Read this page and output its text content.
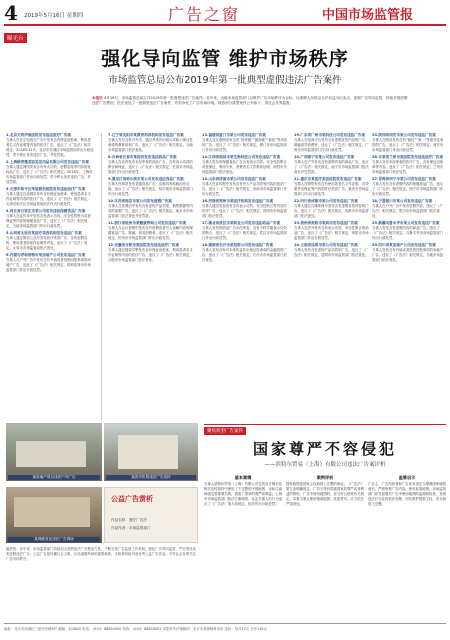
4 2019年5月16日 星期四	广告之窗	中国市场监管报
曝光台
强化导向监管 维护市场秩序
市场监管总局公布2019年第一批典型虚假违法广告案件
本报讯 4月16日，市场监管总局召开2019年第一批典型违法广告案件。近年来，各级市场监管部门以维护广告市场秩序为目标，以保障人民群众合法权益为出发点，加强广告导向监管，持续开展虚假违法广告整治，依法查处了一批典型违法广告案件，有效净化了广告市场环境。现将部分典型案件公布如下，供社会各界监督。
1.北京天利伊泉医院发布违法医疗广告案
当事人在北京电视台广告中发布含有保证治愈率、利用患者名义作证明等内容的医疗广告，违反了《广告法》相关规定。2018年11月，北京市东城区市场监管局作出行政处罚，责令停止发布违法广告，并处罚款。
2.上海欧莱雅美容美发用品有限公司发布违法广告案
当事人通过网络发布含有夸大功效、虚假宣传等内容的化妆品广告，违反了《广告法》相关规定。2018年，上海市市场监管部门作出行政处罚，责令停止发布违法广告，并处罚款。
3.天津市和平区华谊眼科医院发布违法医疗广告案
当事人通过自设网站发布含有保证治愈率、使用患者名义作证明等内容的医疗广告，违反了《广告法》相关规定。天津市和平区市场监管局依法作出行政处罚。
4.河北省石家庄市某公司发布违法保健食品广告案
当事人在宣传单中发布含有表示功效、安全性的断言或者保证等内容的保健食品广告，违反了《广告法》相关规定，当地市场监管部门作出行政处罚。
5.山西省太原市某医疗美容机构发布违法广告案
当事人通过微信公众号发布医疗美容广告，含有虚假宣传、使用患者形象作证明等内容，违反了《广告法》规定，太原市市场监管局依法查处。
6.内蒙古呼和浩特市某房地产公司发布违法广告案
当事人在户外广告中发布含有升值或者投资回报承诺的房地产广告，违反了《广告法》相关规定，呼和浩特市市场监管部门作出行政处罚。
7.辽宁省沈阳市某教育培训机构发布违法广告案
当事人发布含有对升学、通过考试作出明示或暗示保证性承诺的教育培训广告，违反了《广告法》相关规定，当地市场监管部门依法查处。
8.吉林省长春市某药店发布违法药品广告案
当事人在店内发布未经审查的药品广告，含有表示功效的断言和保证，违反了《广告法》相关规定，长春市市场监管部门作出行政处罚。
9.黑龙江省哈尔滨市某公司发布违法食品广告案
当事人在网站发布普通食品广告，宣称具有疾病治疗功能，违反了《广告法》相关规定，哈尔滨市市场监管部门作出行政处罚。
10.江苏省南京市某公司发布虚假广告案
当事人在其网店中发布含有虚构产品效果、销售数据等内容的虚假广告，违反了《广告法》相关规定，南京市市场监管部门依法查处并处罚款。
11.浙江省杭州市某健康咨询公司发布违法广告案
当事人在会议营销中发布含有虚假或者引人误解内容的保健食品广告，欺骗、误导消费者，违反了《广告法》相关规定，杭州市市场监管部门作出行政处罚。
12.安徽省合肥市某医院发布违法医疗广告案
当事人通过搜索引擎发布含有保证治愈率、利用患者名义作证明等内容的医疗广告，违反了《广告法》相关规定，合肥市市场监管部门依法查处。
13.福建省厦门市某公司发布违法广告案
当事人在互联网发布含有“国家级”“最高级”“最佳”等用语的广告，违反了《广告法》相关规定，厦门市市场监管部门作出行政处罚。
14.江西省南昌市某生物科技公司发布违法广告案
当事人发布的保健食品广告含有表示功效、安全性的断言或者保证，利用专家、消费者名义作推荐证明，南昌市市场监管部门依法查处。
15.山东省济南市某公司发布违法广告案
当事人在宣传册中发布含有夸大产品功效等内容的违法广告，违反了《广告法》相关规定，济南市市场监管部门作出行政处罚。
16.河南省郑州市某医疗机构发布违法广告案
当事人通过电视发布含有表示功效、安全性断言等内容的医疗广告，违反了《广告法》相关规定，郑州市市场监管部门依法处罚。
17.湖北省武汉市某药业公司发布违法药品广告案
当事人发布的药品广告未经审查，含有不科学地表示功效的断言，违反了《广告法》相关规定，武汉市市场监管部门作出行政处罚。
18.湖南省长沙市某投资公司发布违法广告案
当事人发布含有对未来收益作出保证性承诺的金融投资广告，违反了《广告法》相关规定，长沙市市场监管部门依法查处。
19.广东省广州市某科技公司发布违法广告案
当事人在电商平台发布含有虚假宣传内容的广告，欺骗误导消费者，违反了《广告法》相关规定，广州市市场监管部门作出行政处罚。
20.广西南宁市某公司发布违法广告案
当事人在户外发布含有虚假内容的商品广告，违反了《广告法》相关规定，南宁市市场监管部门依法查处并处罚款。
21.重庆市某医疗美容医院发布违法广告案
当事人在网络发布含有使用患者名义作证明、对效果作出保证等内容的医疗美容广告，重庆市市场监管部门作出行政处罚。
22.四川省成都市某公司发布违法广告案
当事人通过自媒体账号发布含有虚假宣传内容的广告，违反了《广告法》相关规定，成都市市场监管部门依法查处。
23.贵州省贵阳市某药店发布违法广告案
当事人在店外发布含有表示功效、安全性断言的药品广告，违反了《广告法》相关规定，贵阳市市场监管部门作出行政处罚。
24.云南省昆明市某公司发布违法广告案
当事人发布含有虚构产品功效的广告，违反了《广告法》相关规定，昆明市市场监管部门依法查处。
25.陕西省西安市某公司发布违法广告案
当事人在网站发布含有“最佳”“第一”等绝对化用语的广告，违反了《广告法》相关规定，西安市市场监管部门作出行政处罚。
26.甘肃省兰州市某医院发布违法医疗广告案
当事人发布未经审查的医疗广告，含有保证治愈率等内容，违反了《广告法》相关规定，兰州市市场监管部门依法处罚。
27.青海省西宁市某公司发布违法广告案
当事人发布含有虚假内容的保健食品广告，违反了《广告法》相关规定，西宁市市场监管部门作出行政处罚。
28.宁夏银川市某公司发布违法广告案
当事人在户外广告中发布虚假内容，违反了《广告法》相关规定，银川市市场监管部门依法查处。
29.新疆乌鲁木齐市某公司发布违法广告案
当事人发布含有虚假内容的商品广告，违反了《广告法》相关规定，乌鲁木齐市市场监管部门作出行政处罚。
30.四川省某房地产公司发布违法广告案
当事人发布含有升值或者投资回报承诺的房地产广告，违反了《广告法》相关规定，当地市场监管部门依法查处。
某房地产项目违法户外广告	某医疗机构违法广告宣传
某保健食品违法广告现场
公益广告赏析
作品名称：遵守广告法
作品作者：市场监管部门
编者按：近年来，市场监管部门持续加大虚假违法广告整治力度，不断完善广告监管工作机制，强化广告导向监管，严厉查处各类虚假违法广告。公益广告是传播社会文明、弘扬道德风尚的重要载体，本报将持续刊登优秀公益广告作品，引导社会各界关注广告市场秩序。
聚焦典型广告案件
国家尊严不容侵犯
——滨特尔贸易（上海）有限公司违法广告案评析
基本案情
当事人滨特尔贸易（上海）有限公司在其官方网站及相关宣传资料中使用了不完整的中国地图，未标注南海诸岛等重要岛屿，损害了国家的尊严和利益。上海市市场监管部门依法立案调查，认定当事人的行为违反了《广告法》第九条规定，依法作出行政处罚。
案例评析
国家版图是国家主权和领土完整的象征。《广告法》第九条明确规定，广告不得有损害国家的尊严或者利益的情形。广告中使用地图的，应当符合国家有关规定。本案当事人使用错误地图，性质恶劣，应当依法严肃查处。
监管启示
广告主、广告经营者和广告发布者应当增强国家版图意识，严格审核广告内容，使用标准地图。市场监管部门应当加强对广告中使用地图的监测和检查，发现违法行为及时依法处理，切实维护国家主权、安全和领土完整。
地址：北京市西城区三里河东路8号 邮编：100820 电话：（010）88650000 传真：（010）88650001 本报常年法律顾问：北京市某律师事务所 定价：每月12元 全年144元
